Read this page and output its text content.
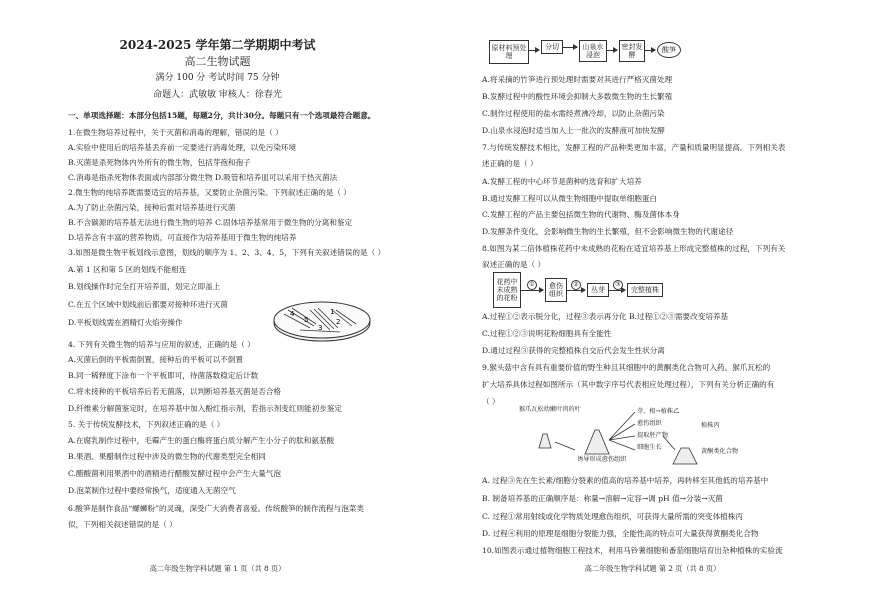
2024-2025 学年第二学期期中考试
高二生物试题
满分 100 分 考试时间 75 分钟
命题人：武敏敏 审核人：徐春光
一、单项选择题：本部分包括15题，每题2分，共计30分。每题只有一个选项最符合题意。
1.在微生物培养过程中，关于灭菌和消毒的理解，错误的是（ ）
A.实验中使用后的培养基丢弃前一定要进行消毒处理，以免污染环境
B.灭菌是杀死物体内外所有的微生物，包括芽孢和孢子
C.消毒是指杀死物体表面或内部部分微生物 D.吸管和培养皿可以采用干热灭菌法
2.微生物的纯培养既需要适宜的培养基，又要防止杂菌污染。下列叙述正确的是（ ）
A.为了防止杂菌污染，接种后需对培养基进行灭菌
B.不含碳源的培养基无法进行微生物的培养 C.固体培养基常用于微生物的分离和鉴定
D.培养含有丰富的营养物质，可直接作为培养基用于微生物的纯培养
3.如图是微生物平板划线示意图，划线的顺序为 1、2、3、4、5，下列有关叙述错误的是（ ）
A.第 1 区和第 5 区的划线不能相连
B.划线操作时完全打开培养皿，划完立即盖上
C.在五个区域中划线前后都要对接种环进行灭菌
D.平板划线需在酒精灯火焰旁操作
4
5
1
2
3
4. 下列有关微生物的培养与应用的叙述，正确的是（ ）
A.灭菌后倒的平板需倒置，接种后的平板可以不倒置
B.同一稀释度下涂布一个平板即可，待菌落数稳定后计数
C.将未接种的平板培养后若无菌落，以判断培养基灭菌是否合格
D.纤维素分解菌鉴定时，在培养基中加入酚红指示剂，若指示剂变红则能初步鉴定
5. 关于传统发酵技术，下列叙述正确的是（ ）
A.在腐乳制作过程中，毛霉产生的蛋白酶将蛋白质分解产生小分子的肽和氨基酸
B.果酒、果醋制作过程中涉及的微生物的代谢类型完全相同
C.醋酸菌利用果酒中的酒精进行醋酸发酵过程中会产生大量气泡
D.泡菜制作过程中要经常换气，适度通入无菌空气
6.酸笋是制作食品“螺蛳粉”的灵魂，深受广大消费者喜爱。传统酸笋的制作流程与泡菜类
似，下列相关叙述错误的是（ ）
高二年级生物学科试题 第 1 页（共 8 页）
原材料预处理
分切	山泉水浸泡
密封发酵
酸笋
A.将采摘的竹笋进行预处理时需要对其进行严格灭菌处理
B.发酵过程中的酸性环境会抑制大多数微生物的生长繁殖
C.制作过程使用的盐水需经煮沸冷却，以防止杂菌污染
D.山泉水浸泡时适当加入上一批次的发酵液可加快发酵
7.与传统发酵技术相比，发酵工程的产品种类更加丰富，产量和质量明显提高。下列相关表
述正确的是（ ）
A.发酵工程的中心环节是菌种的选育和扩大培养
B.通过发酵工程可以从微生物细胞中提取单细胞蛋白
C.发酵工程的产品主要包括微生物的代谢物、酶及菌体本身
D.发酵条件变化，会影响微生物的生长繁殖，但不会影响微生物的代谢途径
8.如图为某二倍体植株花药中未成熟的花粉在适宜培养基上形成完整植株的过程，下列有关
叙述正确的是（ ）
花药中未成熟的花粉
①	愈伤组织
②
丛芽
③
完整植株
A.过程①②表示脱分化，过程③表示再分化 B.过程①②③需要改变培养基
C.过程①②③说明花粉细胞具有全能性
D.通过过程③获得的完整植株自交后代会发生性状分离
9.猴头菇中含有具有重要价值的野生种且其细胞中的黄酮类化合物可入药。猴爪瓦松的
扩大培养具体过程如图所示（其中数字序号代表相应处理过程），下列有关分析正确的有
（ ）
猴爪瓦松幼嫩叶肉的叶
诱导形成愈伤组织
芽、根→植株乙
愈伤组织
提取胚产物
细胞生长
黄酮类化合物
植株丙
A. 过程③先在生长素/细胞分裂素的值高的培养基中培养，再转移至其他低的培养基中
B. 制备培养基的正确顺序是：称量→溶解→定容→调 pH 值→分装→灭菌
C. 过程①常用射线或化学物质处理愈伤组织，可获得大量所需的突变体植株丙
D. 过程④利用的原理是细胞分裂能力强，全能性高的特点可大量获得黄酮类化合物
10.如图表示通过植物细胞工程技术，利用马铃薯细胞和番茄细胞培育出杂种植株的实验流
高二年级生物学科试题 第 2 页（共 8 页）
